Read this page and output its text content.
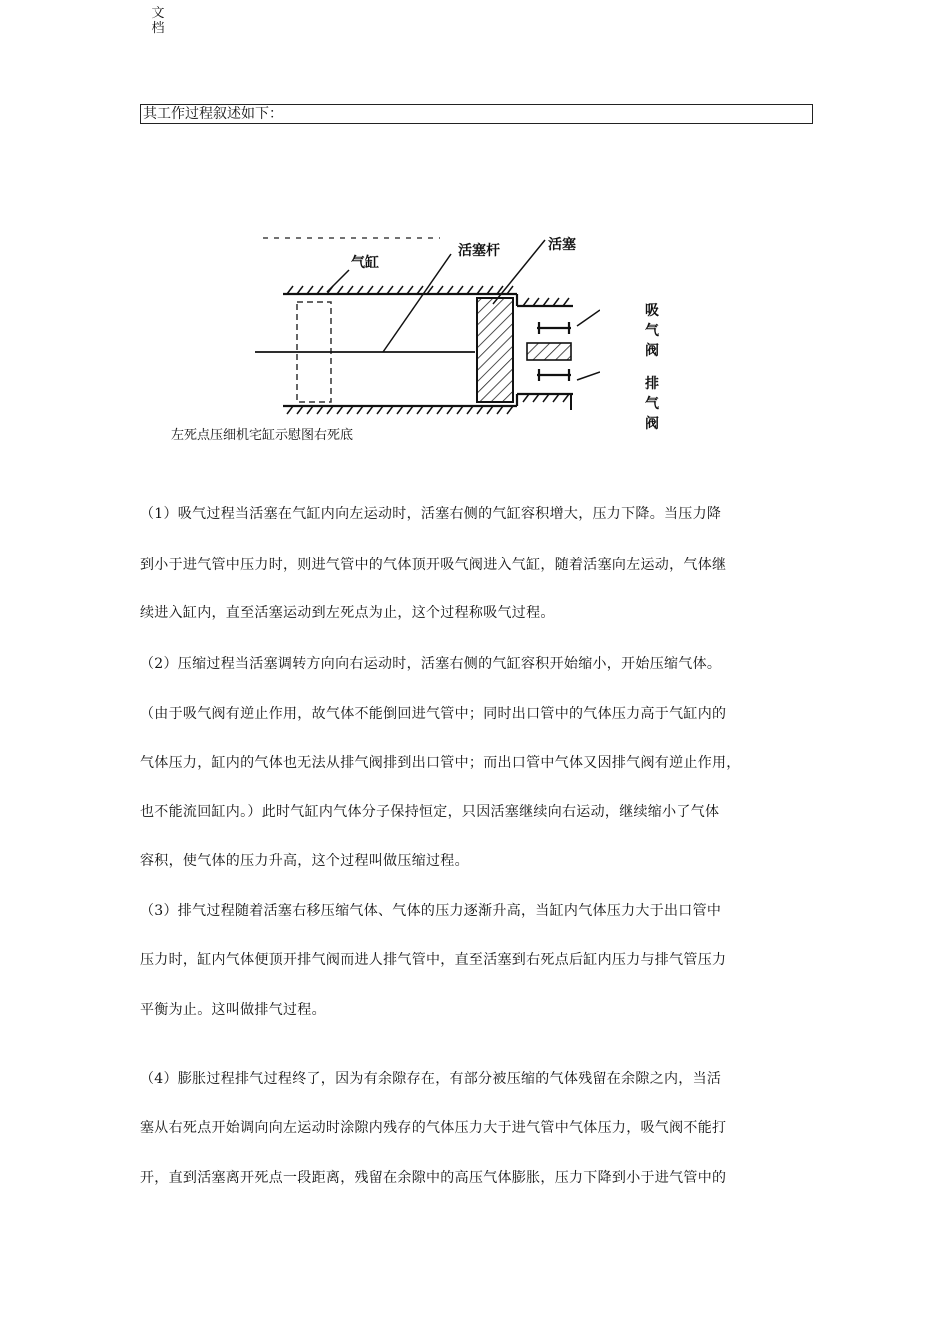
文档
其工作过程叙述如下：
气缸
活塞杆	活塞
吸气阀
排气阀
左死点压细机宅缸示慰图右死底
（1）吸气过程当活塞在气缸内向左运动时，活塞右侧的气缸容积增大，压力下降。当压力降
到小于进气管中压力时，则进气管中的气体顶开吸气阀进入气缸，随着活塞向左运动，气体继
续进入缸内，直至活塞运动到左死点为止，这个过程称吸气过程。
（2）压缩过程当活塞调转方向向右运动时，活塞右侧的气缸容积开始缩小，开始压缩气体。
（由于吸气阀有逆止作用，故气体不能倒回进气管中；同时出口管中的气体压力高于气缸内的
气体压力，缸内的气体也无法从排气阀排到出口管中；而出口管中气体又因排气阀有逆止作用，
也不能流回缸内。）此时气缸内气体分子保持恒定，只因活塞继续向右运动，继续缩小了气体
容积，使气体的压力升高，这个过程叫做压缩过程。
（3）排气过程随着活塞右移压缩气体、气体的压力逐渐升高，当缸内气体压力大于出口管中
压力时，缸内气体便顶开排气阀而进人排气管中，直至活塞到右死点后缸内压力与排气管压力
平衡为止。这叫做排气过程。
（4）膨胀过程排气过程终了，因为有余隙存在，有部分被压缩的气体残留在余隙之内，当活
塞从右死点开始调向向左运动时涂隙内残存的气体压力大于进气管中气体压力，吸气阀不能打
开，直到活塞离开死点一段距离，残留在余隙中的高压气体膨胀，压力下降到小于进气管中的
